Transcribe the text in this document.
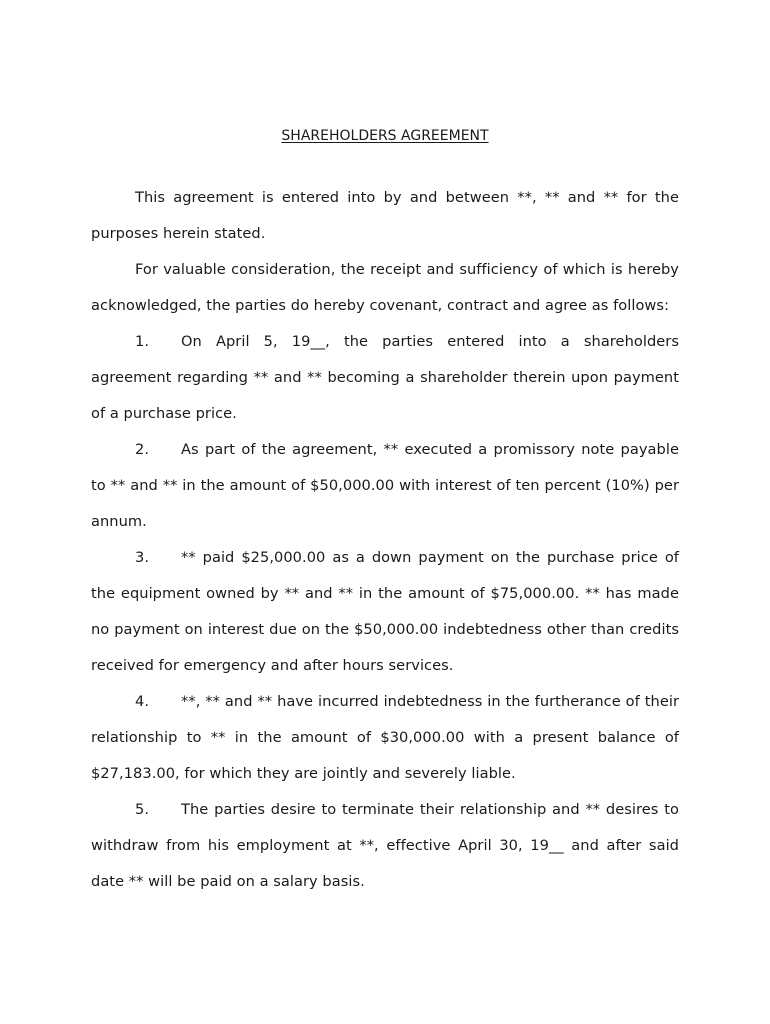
SHAREHOLDERS AGREEMENT

This agreement is entered into by and between **, ** and ** for the purposes herein stated.

For valuable consideration, the receipt and sufficiency of which is hereby acknowledged, the parties do hereby covenant, contract and agree as follows:

1. On April 5, 19__, the parties entered into a shareholders agreement regarding ** and ** becoming a shareholder therein upon payment of a purchase price.

2. As part of the agreement, ** executed a promissory note payable to ** and ** in the amount of $50,000.00 with interest of ten percent (10%) per annum.

3. ** paid $25,000.00 as a down payment on the purchase price of the equipment owned by ** and ** in the amount of $75,000.00. ** has made no payment on interest due on the $50,000.00 indebtedness other than credits received for emergency and after hours services.

4. **, ** and ** have incurred indebtedness in the furtherance of their relationship to ** in the amount of $30,000.00 with a present balance of $27,183.00, for which they are jointly and severely liable.

5. The parties desire to terminate their relationship and ** desires to withdraw from his employment at **, effective April 30, 19__ and after said date ** will be paid on a salary basis.
